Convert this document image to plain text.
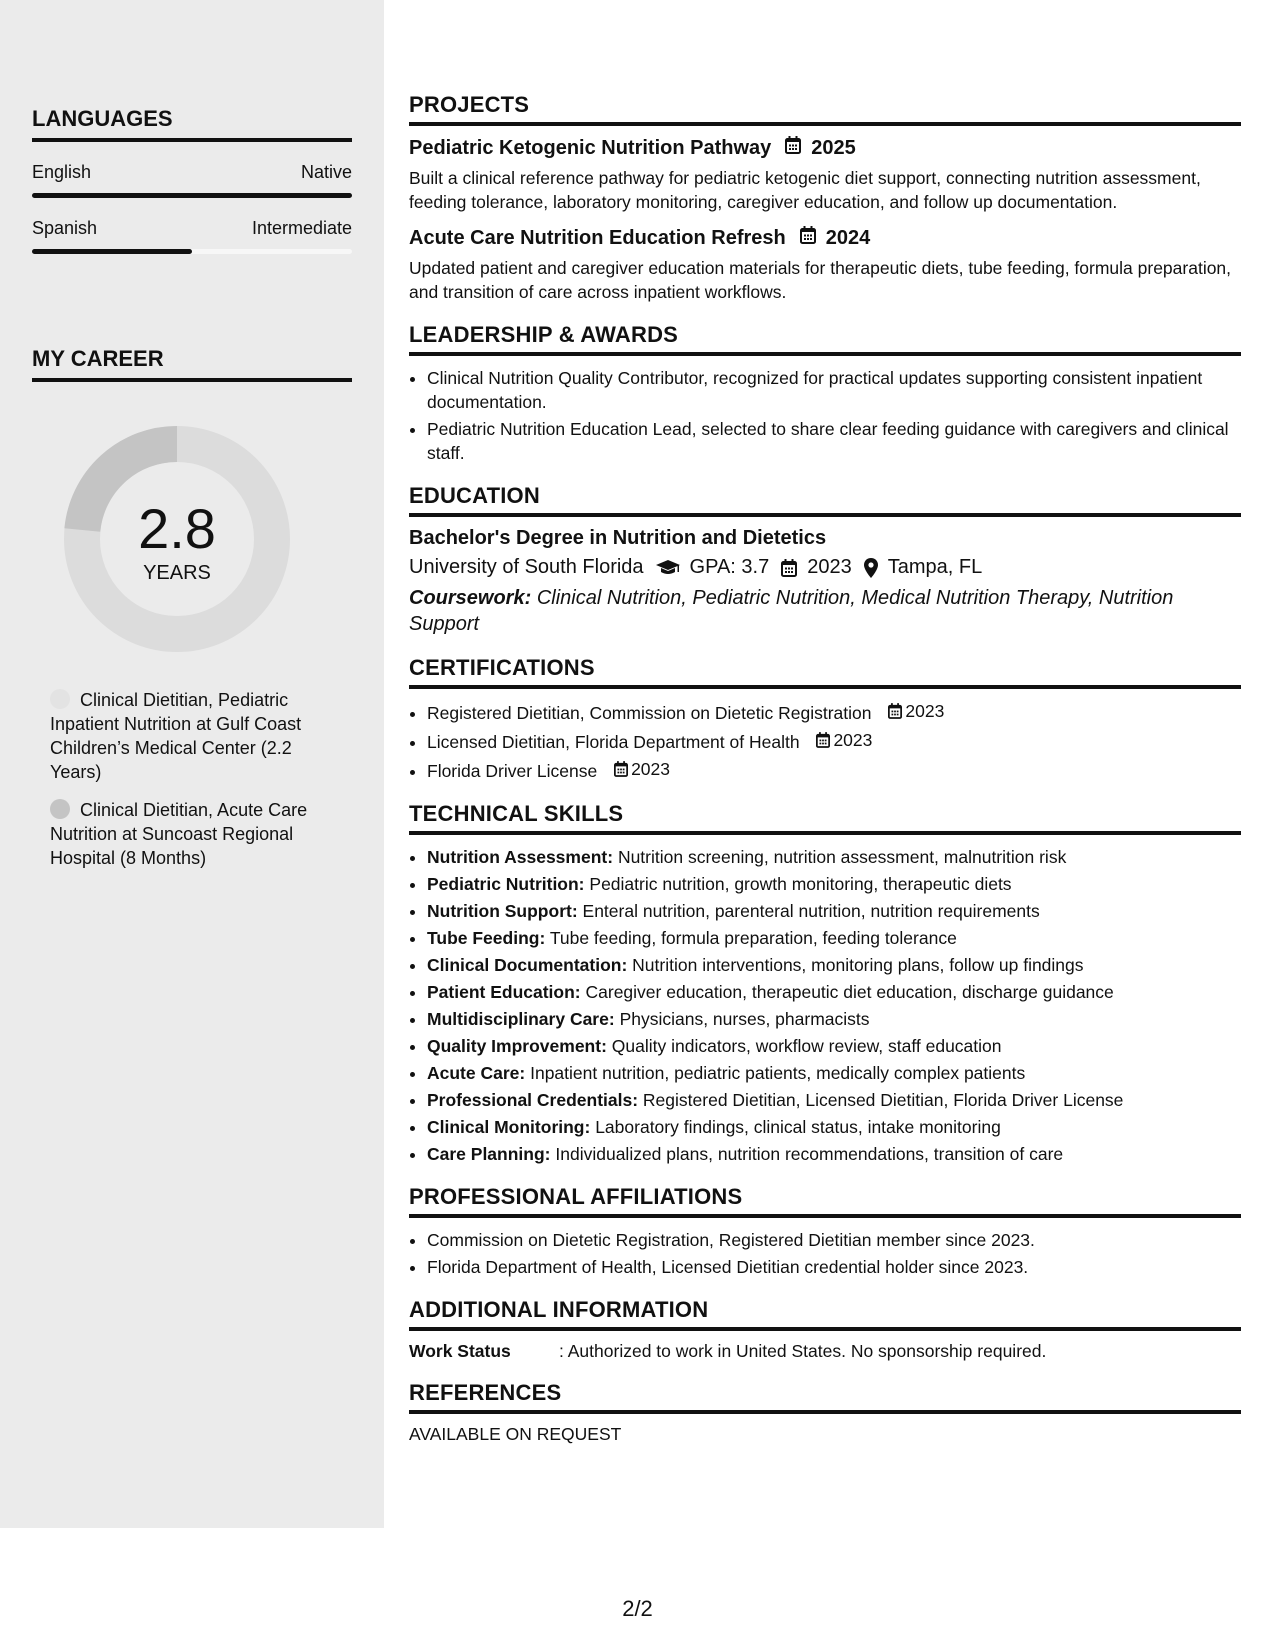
LANGUAGES
English	Native
Spanish	Intermediate
MY CAREER
2.8
YEARS
Clinical Dietitian, Pediatric Inpatient Nutrition at Gulf Coast Children’s Medical Center (2.2 Years)
Clinical Dietitian, Acute Care Nutrition at Suncoast Regional Hospital (8 Months)
PROJECTS
Pediatric Ketogenic Nutrition Pathway 2025

Built a clinical reference pathway for pediatric ketogenic diet support, connecting nutrition assessment, feeding tolerance, laboratory monitoring, caregiver education, and follow up documentation.

Acute Care Nutrition Education Refresh 2024

Updated patient and caregiver education materials for therapeutic diets, tube feeding, formula preparation, and transition of care across inpatient workflows.

LEADERSHIP & AWARDS
• Clinical Nutrition Quality Contributor, recognized for practical updates supporting consistent inpatient documentation.
• Pediatric Nutrition Education Lead, selected to share clear feeding guidance with caregivers and clinical staff.
EDUCATION
Bachelor's Degree in Nutrition and Dietetics
University of South Florida GPA: 3.7 2023 Tampa, FL
Coursework: Clinical Nutrition, Pediatric Nutrition, Medical Nutrition Therapy, Nutrition Support
CERTIFICATIONS
• Registered Dietitian, Commission on Dietetic Registration 2023
• Licensed Dietitian, Florida Department of Health 2023
• Florida Driver License 2023
TECHNICAL SKILLS
• Nutrition Assessment: Nutrition screening, nutrition assessment, malnutrition risk
• Pediatric Nutrition: Pediatric nutrition, growth monitoring, therapeutic diets
• Nutrition Support: Enteral nutrition, parenteral nutrition, nutrition requirements
• Tube Feeding: Tube feeding, formula preparation, feeding tolerance
• Clinical Documentation: Nutrition interventions, monitoring plans, follow up findings
• Patient Education: Caregiver education, therapeutic diet education, discharge guidance
• Multidisciplinary Care: Physicians, nurses, pharmacists
• Quality Improvement: Quality indicators, workflow review, staff education
• Acute Care: Inpatient nutrition, pediatric patients, medically complex patients
• Professional Credentials: Registered Dietitian, Licensed Dietitian, Florida Driver License
• Clinical Monitoring: Laboratory findings, clinical status, intake monitoring
• Care Planning: Individualized plans, nutrition recommendations, transition of care
PROFESSIONAL AFFILIATIONS
• Commission on Dietetic Registration, Registered Dietitian member since 2023.
• Florida Department of Health, Licensed Dietitian credential holder since 2023.
ADDITIONAL INFORMATION
Work Status	: Authorized to work in United States. No sponsorship required.
REFERENCES
AVAILABLE ON REQUEST
2/2
